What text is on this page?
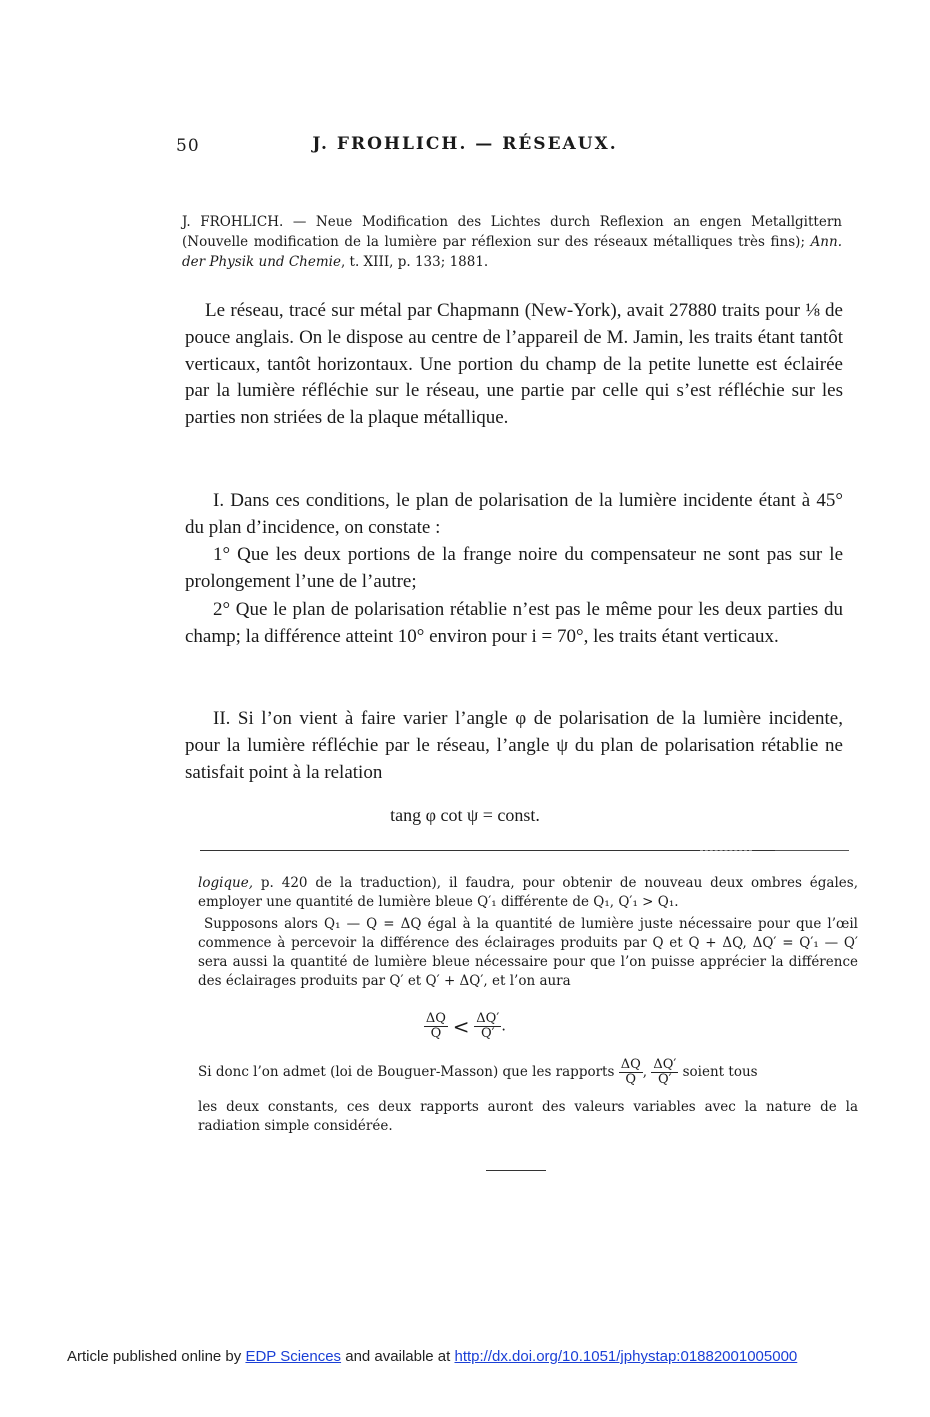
50	J. FROHLICH. — RÉSEAUX.
J. FROHLICH. — Neue Modification des Lichtes durch Reflexion an engen Metallgittern (Nouvelle modification de la lumière par réflexion sur des réseaux métalliques très fins); Ann. der Physik und Chemie, t. XIII, p. 133; 1881.
Le réseau, tracé sur métal par Chapmann (New-York), avait 27880 traits pour ⅛ de pouce anglais. On le dispose au centre de l’appareil de M. Jamin, les traits étant tantôt verticaux, tantôt horizontaux. Une portion du champ de la petite lunette est éclairée par la lumière réfléchie sur le réseau, une partie par celle qui s’est réfléchie sur les parties non striées de la plaque métallique.
I. Dans ces conditions, le plan de polarisation de la lumière incidente étant à 45° du plan d’incidence, on constate :
1° Que les deux portions de la frange noire du compensateur ne sont pas sur le prolongement l’une de l’autre;
2° Que le plan de polarisation rétablie n’est pas le même pour les deux parties du champ; la différence atteint 10° environ pour i = 70°, les traits étant verticaux.
II. Si l’on vient à faire varier l’angle φ de polarisation de la lumière incidente, pour la lumière réfléchie par le réseau, l’angle ψ du plan de polarisation rétablie ne satisfait point à la relation
tang φ cot ψ = const.
logique, p. 420 de la traduction), il faudra, pour obtenir de nouveau deux ombres égales, employer une quantité de lumière bleue Q′₁ différente de Q₁, Q′₁ > Q₁.
Supposons alors Q₁ — Q = ΔQ égal à la quantité de lumière juste nécessaire pour que l’œil commence à percevoir la différence des éclairages produits par Q et Q + ΔQ, ΔQ′ = Q′₁ — Q′ sera aussi la quantité de lumière bleue nécessaire pour que l’on puisse apprécier la différence des éclairages produits par Q′ et Q′ + ΔQ′, et l’on aura
$\frac{\Delta Q}{Q} < \frac{\Delta Q'}{Q'}$ .
Si donc l’on admet (loi de Bouguer-Masson) que les rapports $\frac{\Delta Q}{Q}$ , $\frac{\Delta Q'}{Q'}$ soient tous
les deux constants, ces deux rapports auront des valeurs variables avec la nature de la radiation simple considérée.
Article published online by EDP Sciences and available at http://dx.doi.org/10.1051/jphystap:01882001005000
